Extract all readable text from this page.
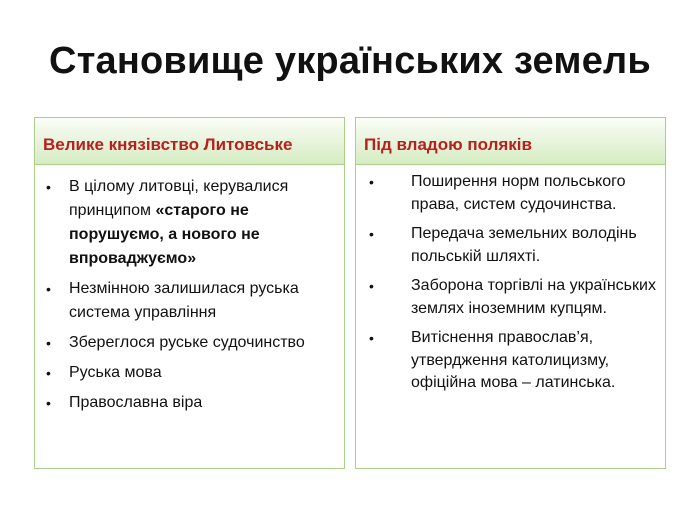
Становище українських земель
Велике князівство Литовське
• В цілому литовці, керувалися принципом «старого не порушуємо, а нового не впроваджуємо»
• Незмінною залишилася руська система управління
• Збереглося руське судочинство
• Руська мова
• Православна віра
Під владою поляків
• Поширення норм польського права, систем судочинства.
• Передача земельних володінь польській шляхті.
• Заборона торгівлі на українських землях іноземним купцям.
• Витіснення православ’я, утвердження католицизму, офіційна мова – латинська.
